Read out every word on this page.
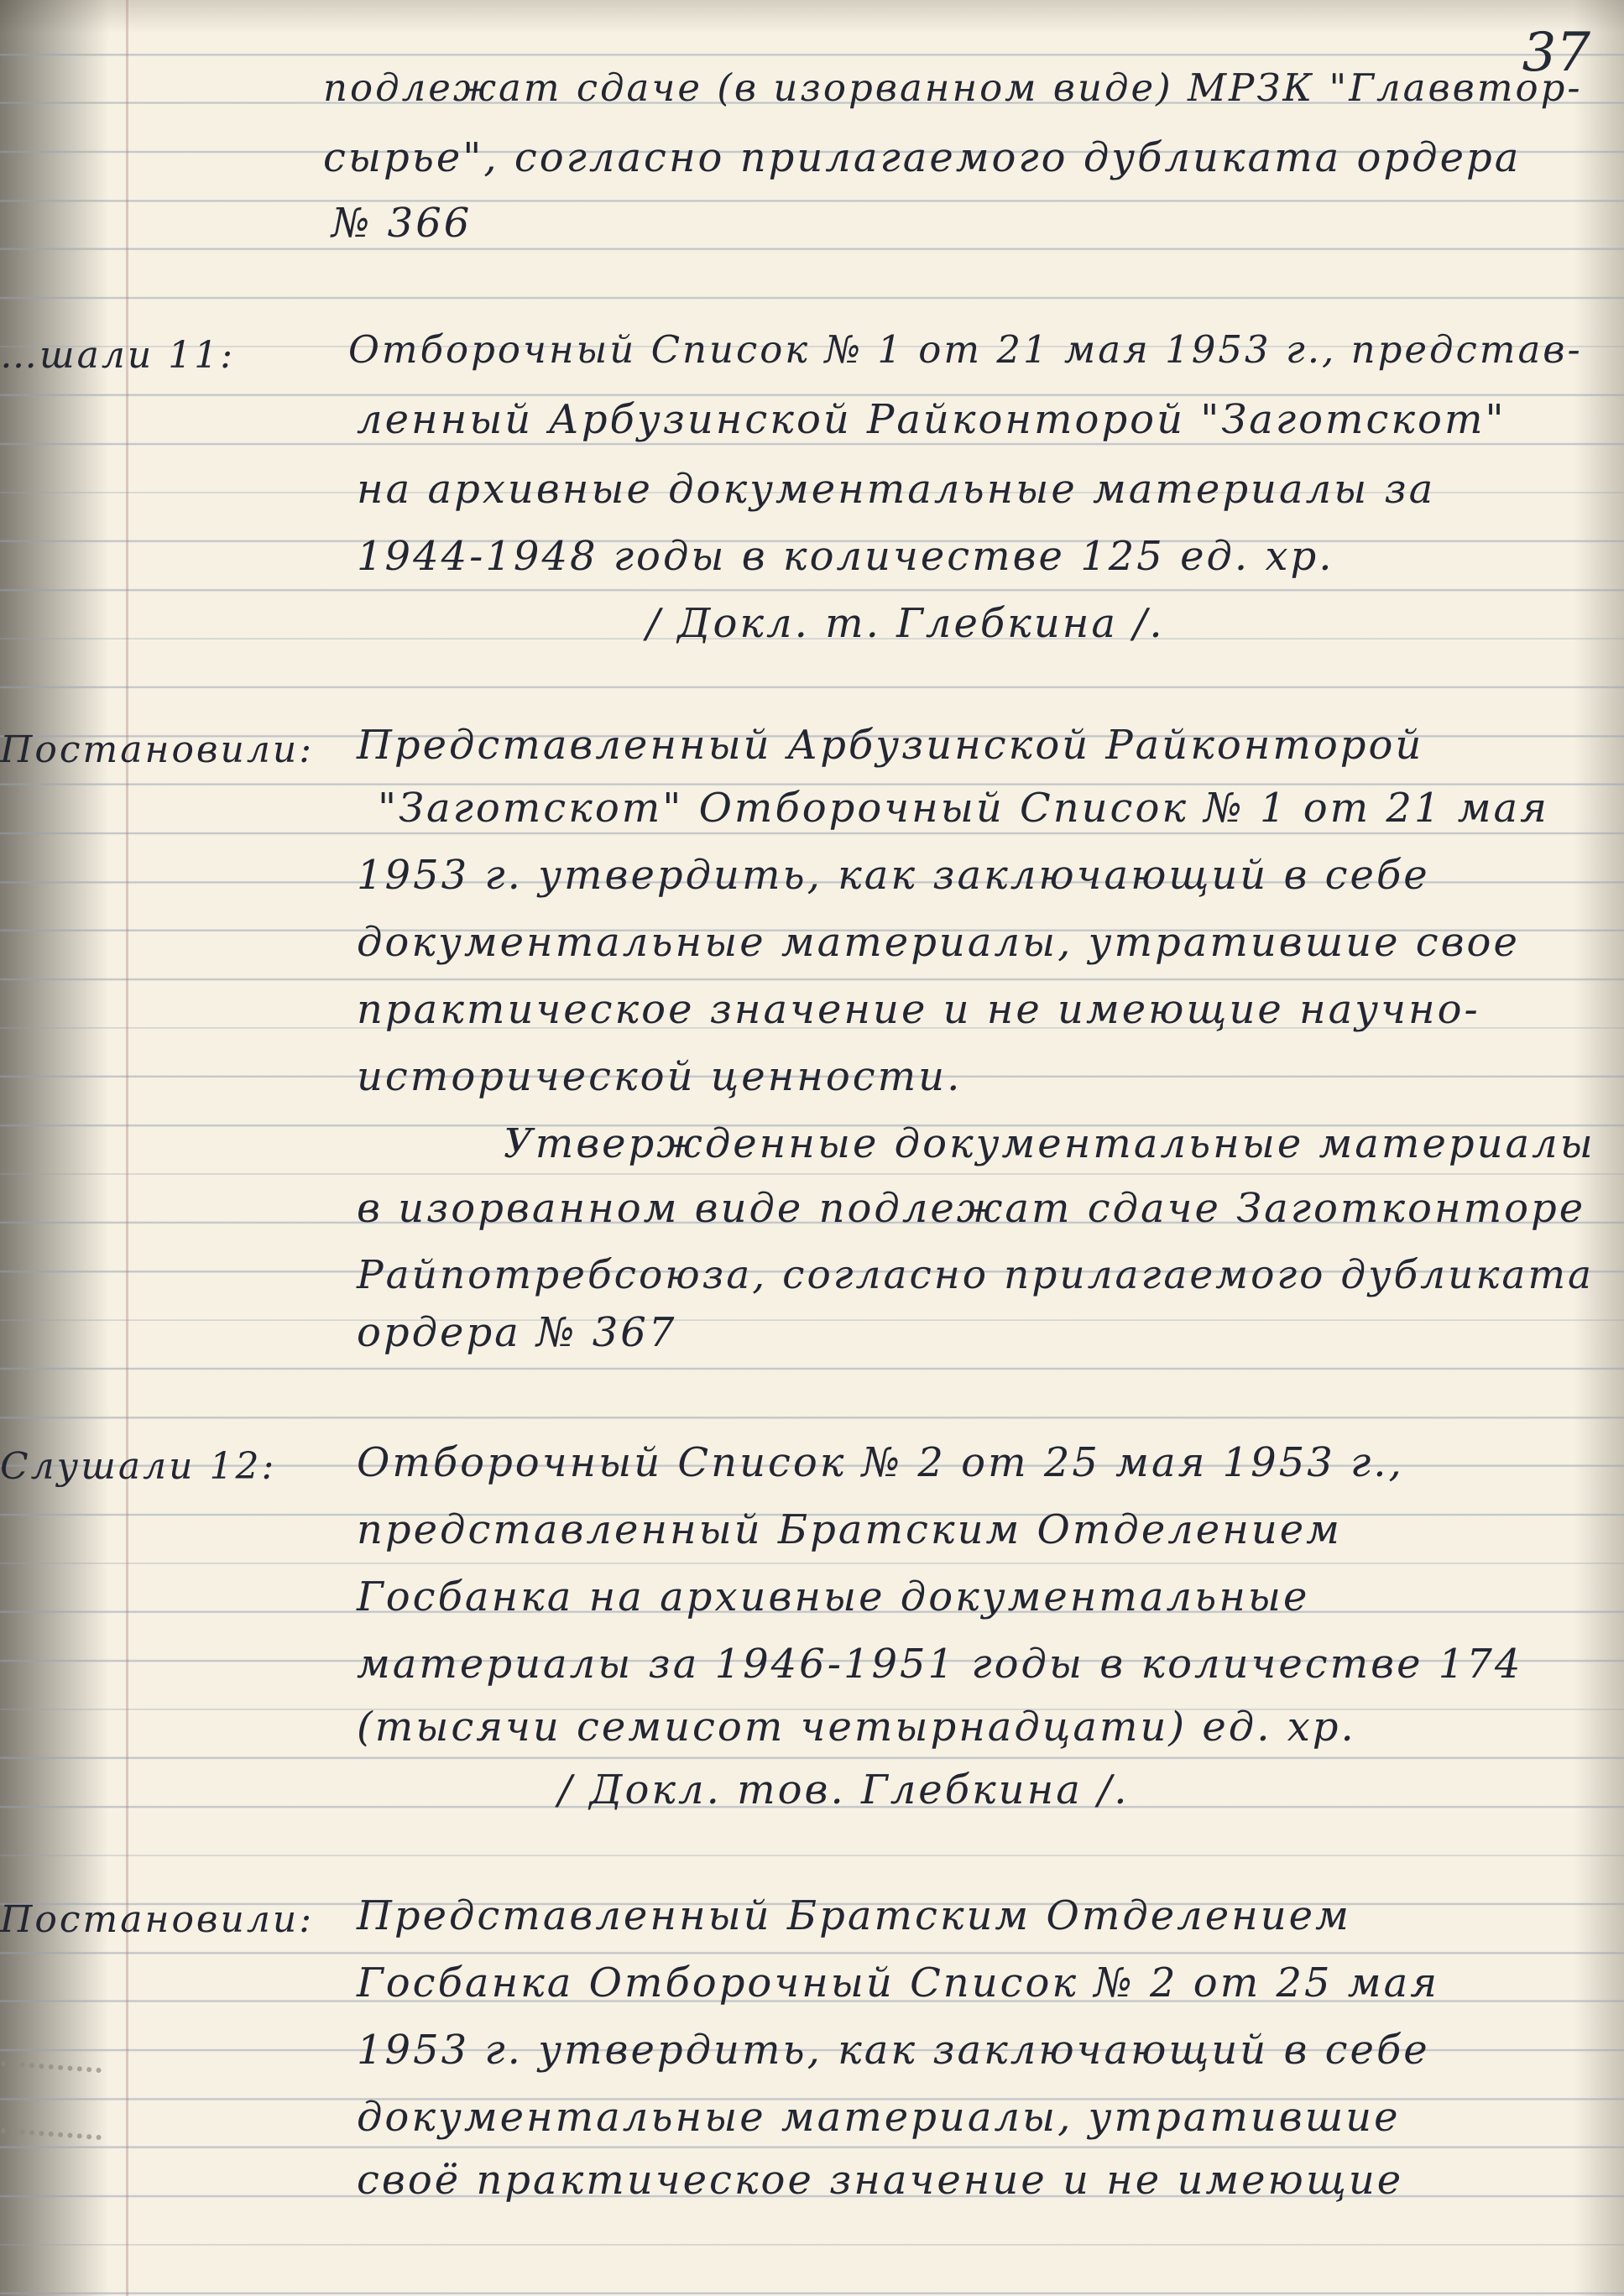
37
подлежат сдаче (в изорванном виде) МРЗК "Главвтор-
сырье", согласно прилагаемого дубликата ордера
№ 366
…шали 11:	Отборочный Список № 1 от 21 мая 1953 г., представ-
ленный Арбузинской Райконторой "Заготскот"
на архивные документальные материалы за
1944-1948 годы в количестве 125 ед. хр.
/ Докл. т. Глебкина /.
Постановили: Представленный Арбузинской Райконторой
"Заготскот" Отборочный Список № 1 от 21 мая
1953 г. утвердить, как заключающий в себе
документальные материалы, утратившие свое
практическое значение и не имеющие научно-
исторической ценности.
Утвержденные документальные материалы
в изорванном виде подлежат сдаче Заготконторе
Райпотребсоюза, согласно прилагаемого дубликата
ордера № 367
Слушали 12: Отборочный Список № 2 от 25 мая 1953 г.,
представленный Братским Отделением
Госбанка на архивные документальные
материалы за 1946-1951 годы в количестве 174
(тысячи семисот четырнадцати) ед. хр.
/ Докл. тов. Глебкина /.
Постановили: Представленный Братским Отделением
Госбанка Отборочный Список № 2 от 25 мая
1953 г. утвердить, как заключающий в себе
документальные материалы, утратившие
своё практическое значение и не имеющие
